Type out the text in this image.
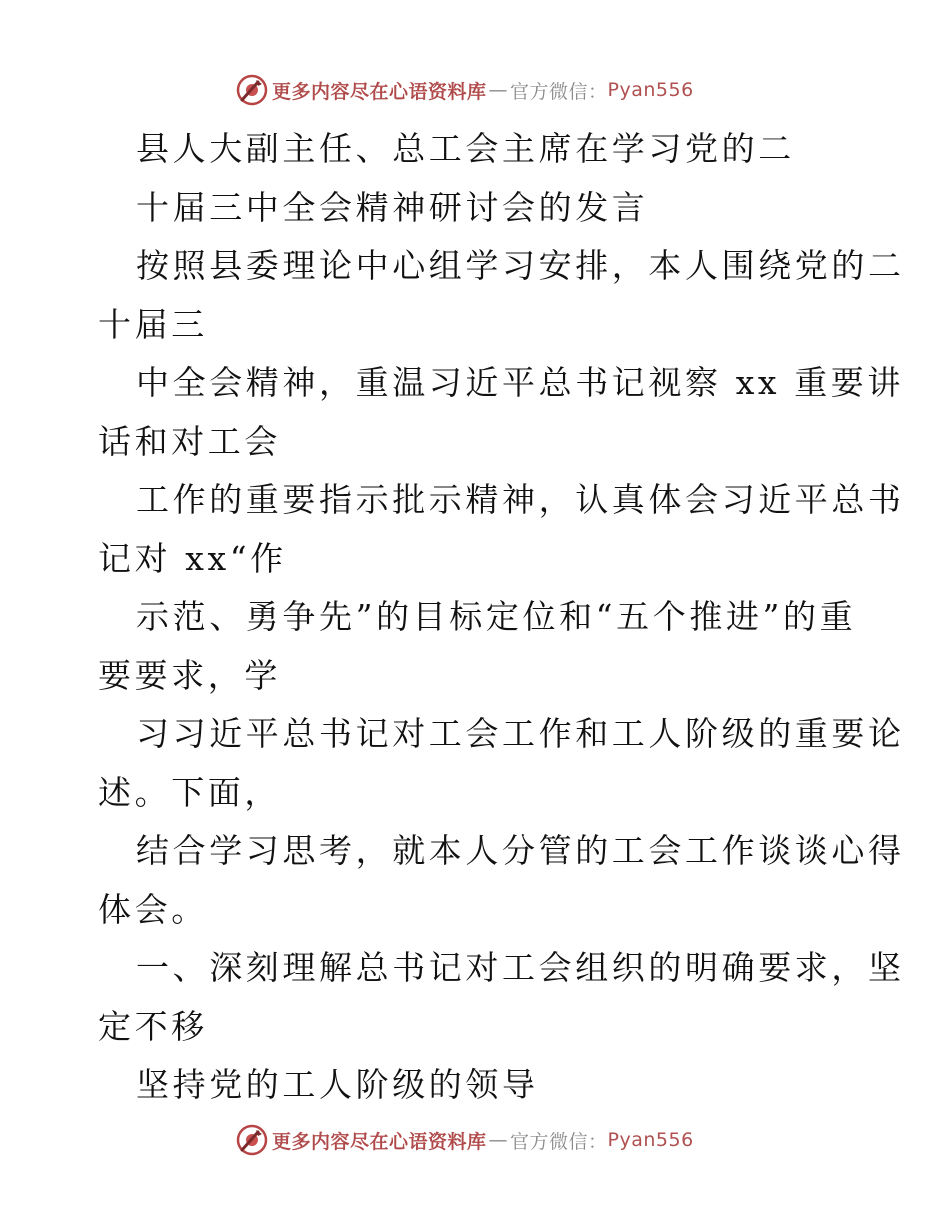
更多内容尽在心语资料库 — 官方微信： Pyan556
县人大副主任、总工会主席在学习党的二
十届三中全会精神研讨会的发言
按照县委理论中心组学习安排，本人围绕党的二
十届三
中全会精神，重温习近平总书记视察 xx 重要讲
话和对工会
工作的重要指示批示精神，认真体会习近平总书
记对 xx“作
示范、勇争先”的目标定位和“五个推进”的重
要要求，学
习习近平总书记对工会工作和工人阶级的重要论
述。下面，
结合学习思考，就本人分管的工会工作谈谈心得
体会。
一、深刻理解总书记对工会组织的明确要求，坚
定不移
坚持党的工人阶级的领导
更多内容尽在心语资料库 — 官方微信： Pyan556
